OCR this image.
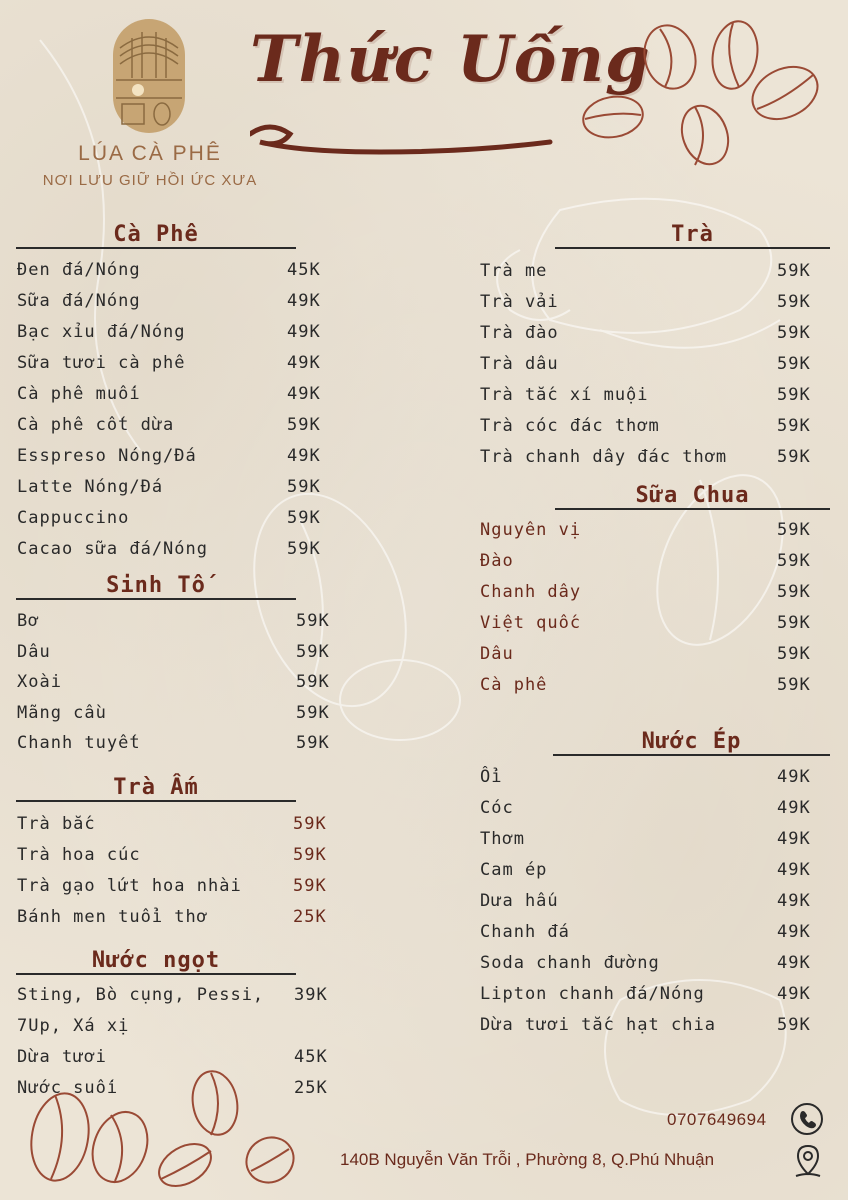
LÚA CÀ PHÊ
NƠI LƯU GIỮ HỒI ỨC XƯA
Thức Uống
Cà Phê
Đen đá/Nóng	45K
Sữa đá/Nóng	49K
Bạc xỉu đá/Nóng	49K
Sữa tươi cà phê	49K
Cà phê muối	49K
Cà phê cốt dừa	59K
Esspreso Nóng/Đá	49K
Latte Nóng/Đá	59K
Cappuccino	59K
Cacao sữa đá/Nóng	59K
Sinh Tố
Bơ	59K
Dâu	59K
Xoài	59K
Mãng cầu	59K
Chanh tuyết	59K
Trà Ấm
Trà bắc	59K
Trà hoa cúc	59K
Trà gạo lứt hoa nhài	59K
Bánh men tuổi thơ	25K
Nước ngọt
Sting, Bò cụng, Pessi, 39K
7Up, Xá xị
Dừa tươi	45K
Nước suối	25K
Trà
Trà me	59K
Trà vải	59K
Trà đào	59K
Trà dâu	59K
Trà tắc xí muội	59K
Trà cóc đác thơm	59K
Trà chanh dây đác thơm	59K
Sữa Chua
Nguyên vị	59K
Đào	59K
Chanh dây	59K
Việt quốc	59K
Dâu	59K
Cà phê	59K
Nước Ép
Ổi	49K
Cóc	49K
Thơm	49K
Cam ép	49K
Dưa hấu	49K
Chanh đá	49K
Soda chanh đường	49K
Lipton chanh đá/Nóng	49K
Dừa tươi tắc hạt chia	59K
0707649694
140B Nguyễn Văn Trỗi , Phường 8, Q.Phú Nhuận
